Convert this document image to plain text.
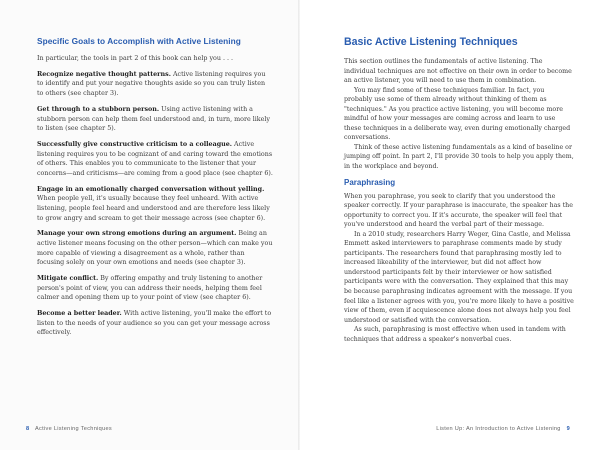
Specific Goals to Accomplish with Active Listening

In particular, the tools in part 2 of this book can help you . . .

Recognize negative thought patterns. Active listening requires you to identify and put your negative thoughts aside so you can truly listen to others (see chapter 3).

Get through to a stubborn person. Using active listening with a stubborn person can help them feel understood and, in turn, more likely to listen (see chapter 5).

Successfully give constructive criticism to a colleague. Active listening requires you to be cognizant of and caring toward the emotions of others. This enables you to communicate to the listener that your concerns—and criticisms—are coming from a good place (see chapter 6).

Engage in an emotionally charged conversation without yelling. When people yell, it's usually because they feel unheard. With active listening, people feel heard and understood and are therefore less likely to grow angry and scream to get their message across (see chapter 6).

Manage your own strong emotions during an argument. Being an active listener means focusing on the other person—which can make you more capable of viewing a disagreement as a whole, rather than focusing solely on your own emotions and needs (see chapter 3).

Mitigate conflict. By offering empathy and truly listening to another person's point of view, you can address their needs, helping them feel calmer and opening them up to your point of view (see chapter 6).

Become a better leader. With active listening, you'll make the effort to listen to the needs of your audience so you can get your message across effectively.

8 Active Listening Techniques
Basic Active Listening Techniques

This section outlines the fundamentals of active listening. The individual techniques are not effective on their own in order to become an active listener, you will need to use them in combination.

You may find some of these techniques familiar. In fact, you probably use some of them already without thinking of them as "techniques." As you practice active listening, you will become more mindful of how your messages are coming across and learn to use these techniques in a deliberate way, even during emotionally charged conversations.

Think of these active listening fundamentals as a kind of baseline or jumping off point. In part 2, I'll provide 30 tools to help you apply them, in the workplace and beyond.

Paraphrasing

When you paraphrase, you seek to clarify that you understood the speaker correctly. If your paraphrase is inaccurate, the speaker has the opportunity to correct you. If it's accurate, the speaker will feel that you've understood and heard the verbal part of their message.

In a 2010 study, researchers Harry Weger, Gina Castle, and Melissa Emmett asked interviewers to paraphrase comments made by study participants. The researchers found that paraphrasing mostly led to increased likeability of the interviewer, but did not affect how understood participants felt by their interviewer or how satisfied participants were with the conversation. They explained that this may be because paraphrasing indicates agreement with the message. If you feel like a listener agrees with you, you're more likely to have a positive view of them, even if acquiescence alone does not always help you feel understood or satisfied with the conversation.

As such, paraphrasing is most effective when used in tandem with techniques that address a speaker's nonverbal cues.

Listen Up: An Introduction to Active Listening 9
